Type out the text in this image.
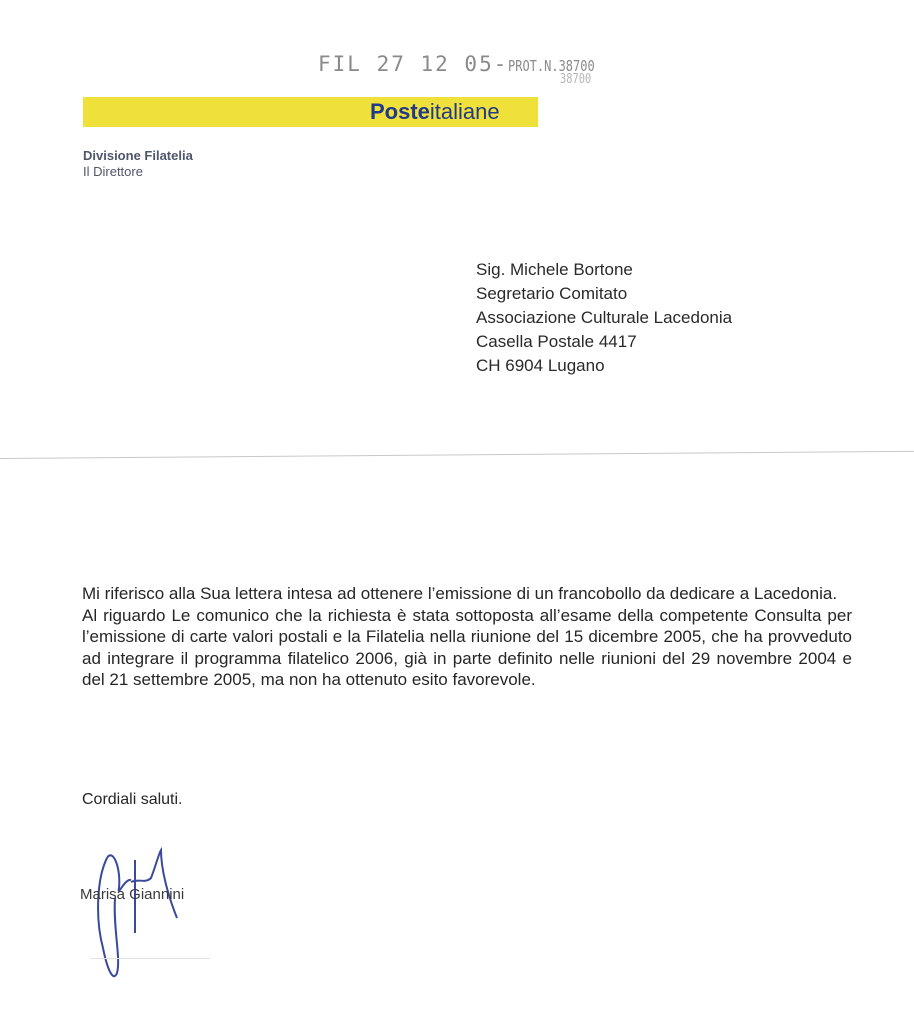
FIL 27 12 05-PROT.N.38700
38700
Posteitaliane
Divisione Filatelia
Il Direttore
Sig. Michele Bortone
Segretario Comitato
Associazione Culturale Lacedonia
Casella Postale 4417
CH 6904 Lugano

Mi riferisco alla Sua lettera intesa ad ottenere l’emissione di un francobollo da dedicare a Lacedonia.

Al riguardo Le comunico che la richiesta è stata sottoposta all’esame della competente Consulta per l’emissione di carte valori postali e la Filatelia nella riunione del 15 dicembre 2005, che ha provveduto ad integrare il programma filatelico 2006, già in parte definito nelle riunioni del 29 novembre 2004 e del 21 settembre 2005, ma non ha ottenuto esito favorevole.

Cordiali saluti.
Marisa Giannini
